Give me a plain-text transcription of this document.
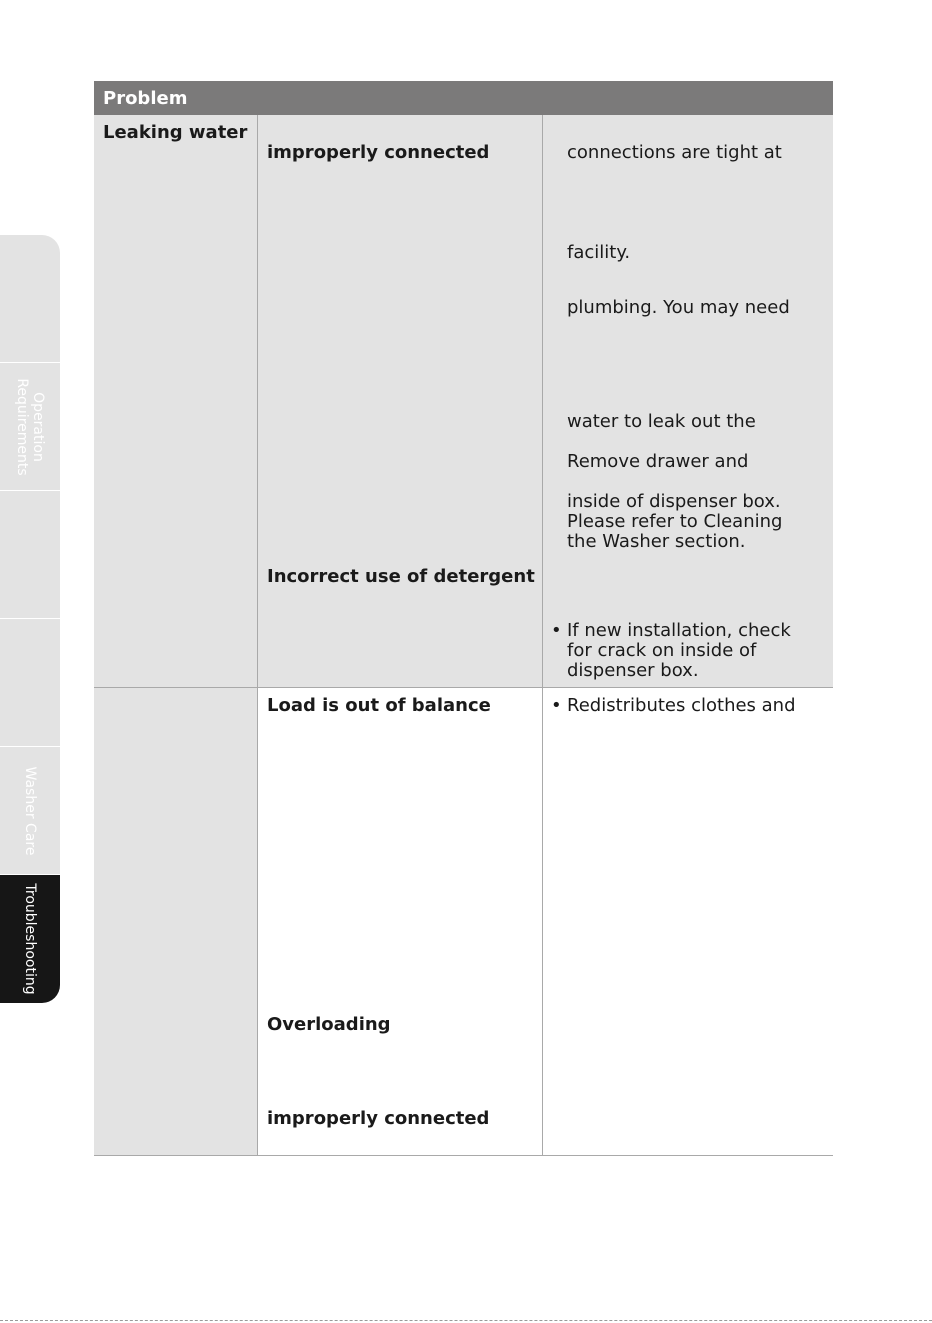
Operation
Requirements
Washer Care
Troubleshooting
Problem
Leaking water
improperly connected
Incorrect use of detergent
connections are tight at
facility.
plumbing. You may need
water to leak out the
Remove drawer and
inside of dispenser box.
Please refer to Cleaning
the Washer section.
• If new installation, check
for crack on inside of
dispenser box.
Load is out of balance
Overloading
improperly connected
• Redistributes clothes and
